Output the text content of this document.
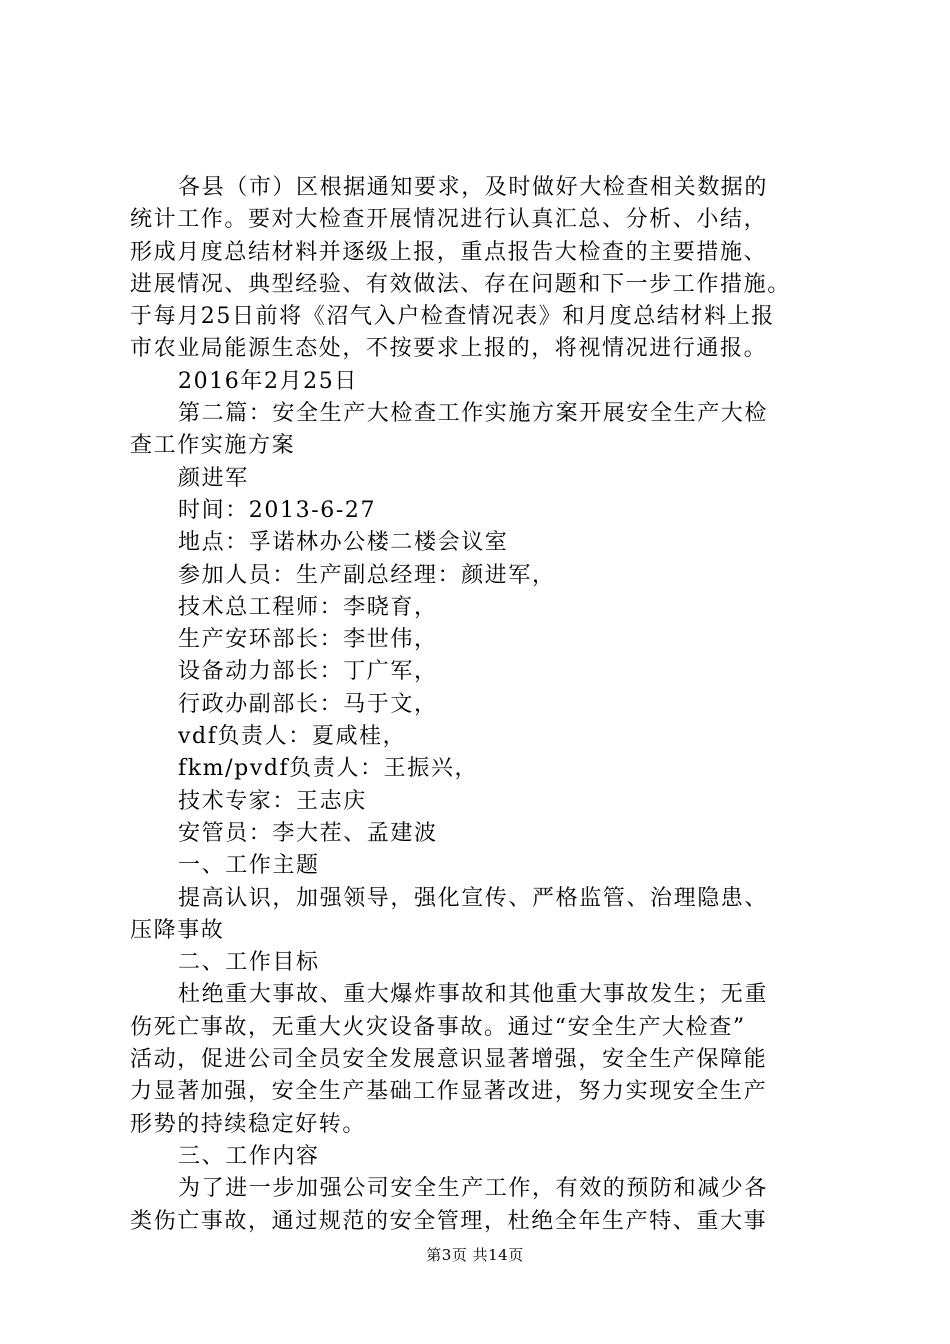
各县（市）区根据通知要求，及时做好大检查相关数据的
统计工作。要对大检查开展情况进行认真汇总、分析、小结，
形成月度总结材料并逐级上报，重点报告大检查的主要措施、
进展情况、典型经验、有效做法、存在问题和下一步工作措施。
于每月25日前将《沼气入户检查情况表》和月度总结材料上报
市农业局能源生态处，不按要求上报的，将视情况进行通报。
2016年2月25日
第二篇：安全生产大检查工作实施方案开展安全生产大检
查工作实施方案
颜进军
时间：2013-6-27
地点：孚诺林办公楼二楼会议室
参加人员：生产副总经理：颜进军，
技术总工程师：李晓育，
生产安环部长：李世伟，
设备动力部长：丁广军，
行政办副部长：马于文，
vdf负责人：夏咸桂，
fkm/pvdf负责人：王振兴，
技术专家：王志庆
安管员：李大茬、孟建波
一、工作主题
提高认识，加强领导，强化宣传、严格监管、治理隐患、
压降事故
二、工作目标
杜绝重大事故、重大爆炸事故和其他重大事故发生；无重
伤死亡事故，无重大火灾设备事故。通过“安全生产大检查”
活动，促进公司全员安全发展意识显著增强，安全生产保障能
力显著加强，安全生产基础工作显著改进，努力实现安全生产
形势的持续稳定好转。
三、工作内容
为了进一步加强公司安全生产工作，有效的预防和减少各
类伤亡事故，通过规范的安全管理，杜绝全年生产特、重大事
第3页 共14页
